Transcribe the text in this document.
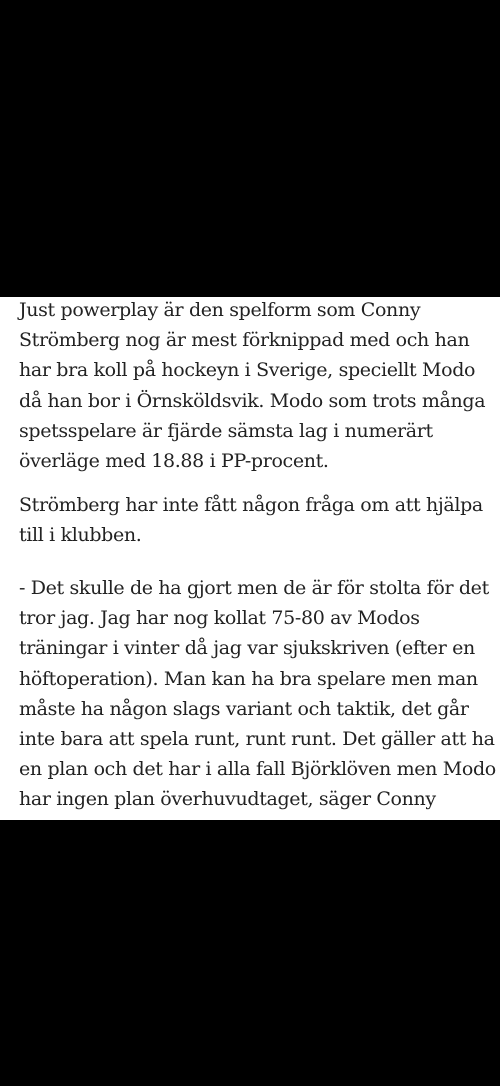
Just powerplay är den spelform som Conny
Strömberg nog är mest förknippad med och han
har bra koll på hockeyn i Sverige, speciellt Modo
då han bor i Örnsköldsvik. Modo som trots många
spetsspelare är fjärde sämsta lag i numerärt
överläge med 18.88 i PP-procent.

Strömberg har inte fått någon fråga om att hjälpa
till i klubben.

- Det skulle de ha gjort men de är för stolta för det
tror jag. Jag har nog kollat 75-80 av Modos
träningar i vinter då jag var sjukskriven (efter en
höftoperation). Man kan ha bra spelare men man
måste ha någon slags variant och taktik, det går
inte bara att spela runt, runt runt. Det gäller att ha
en plan och det har i alla fall Björklöven men Modo
har ingen plan överhuvudtaget, säger Conny
